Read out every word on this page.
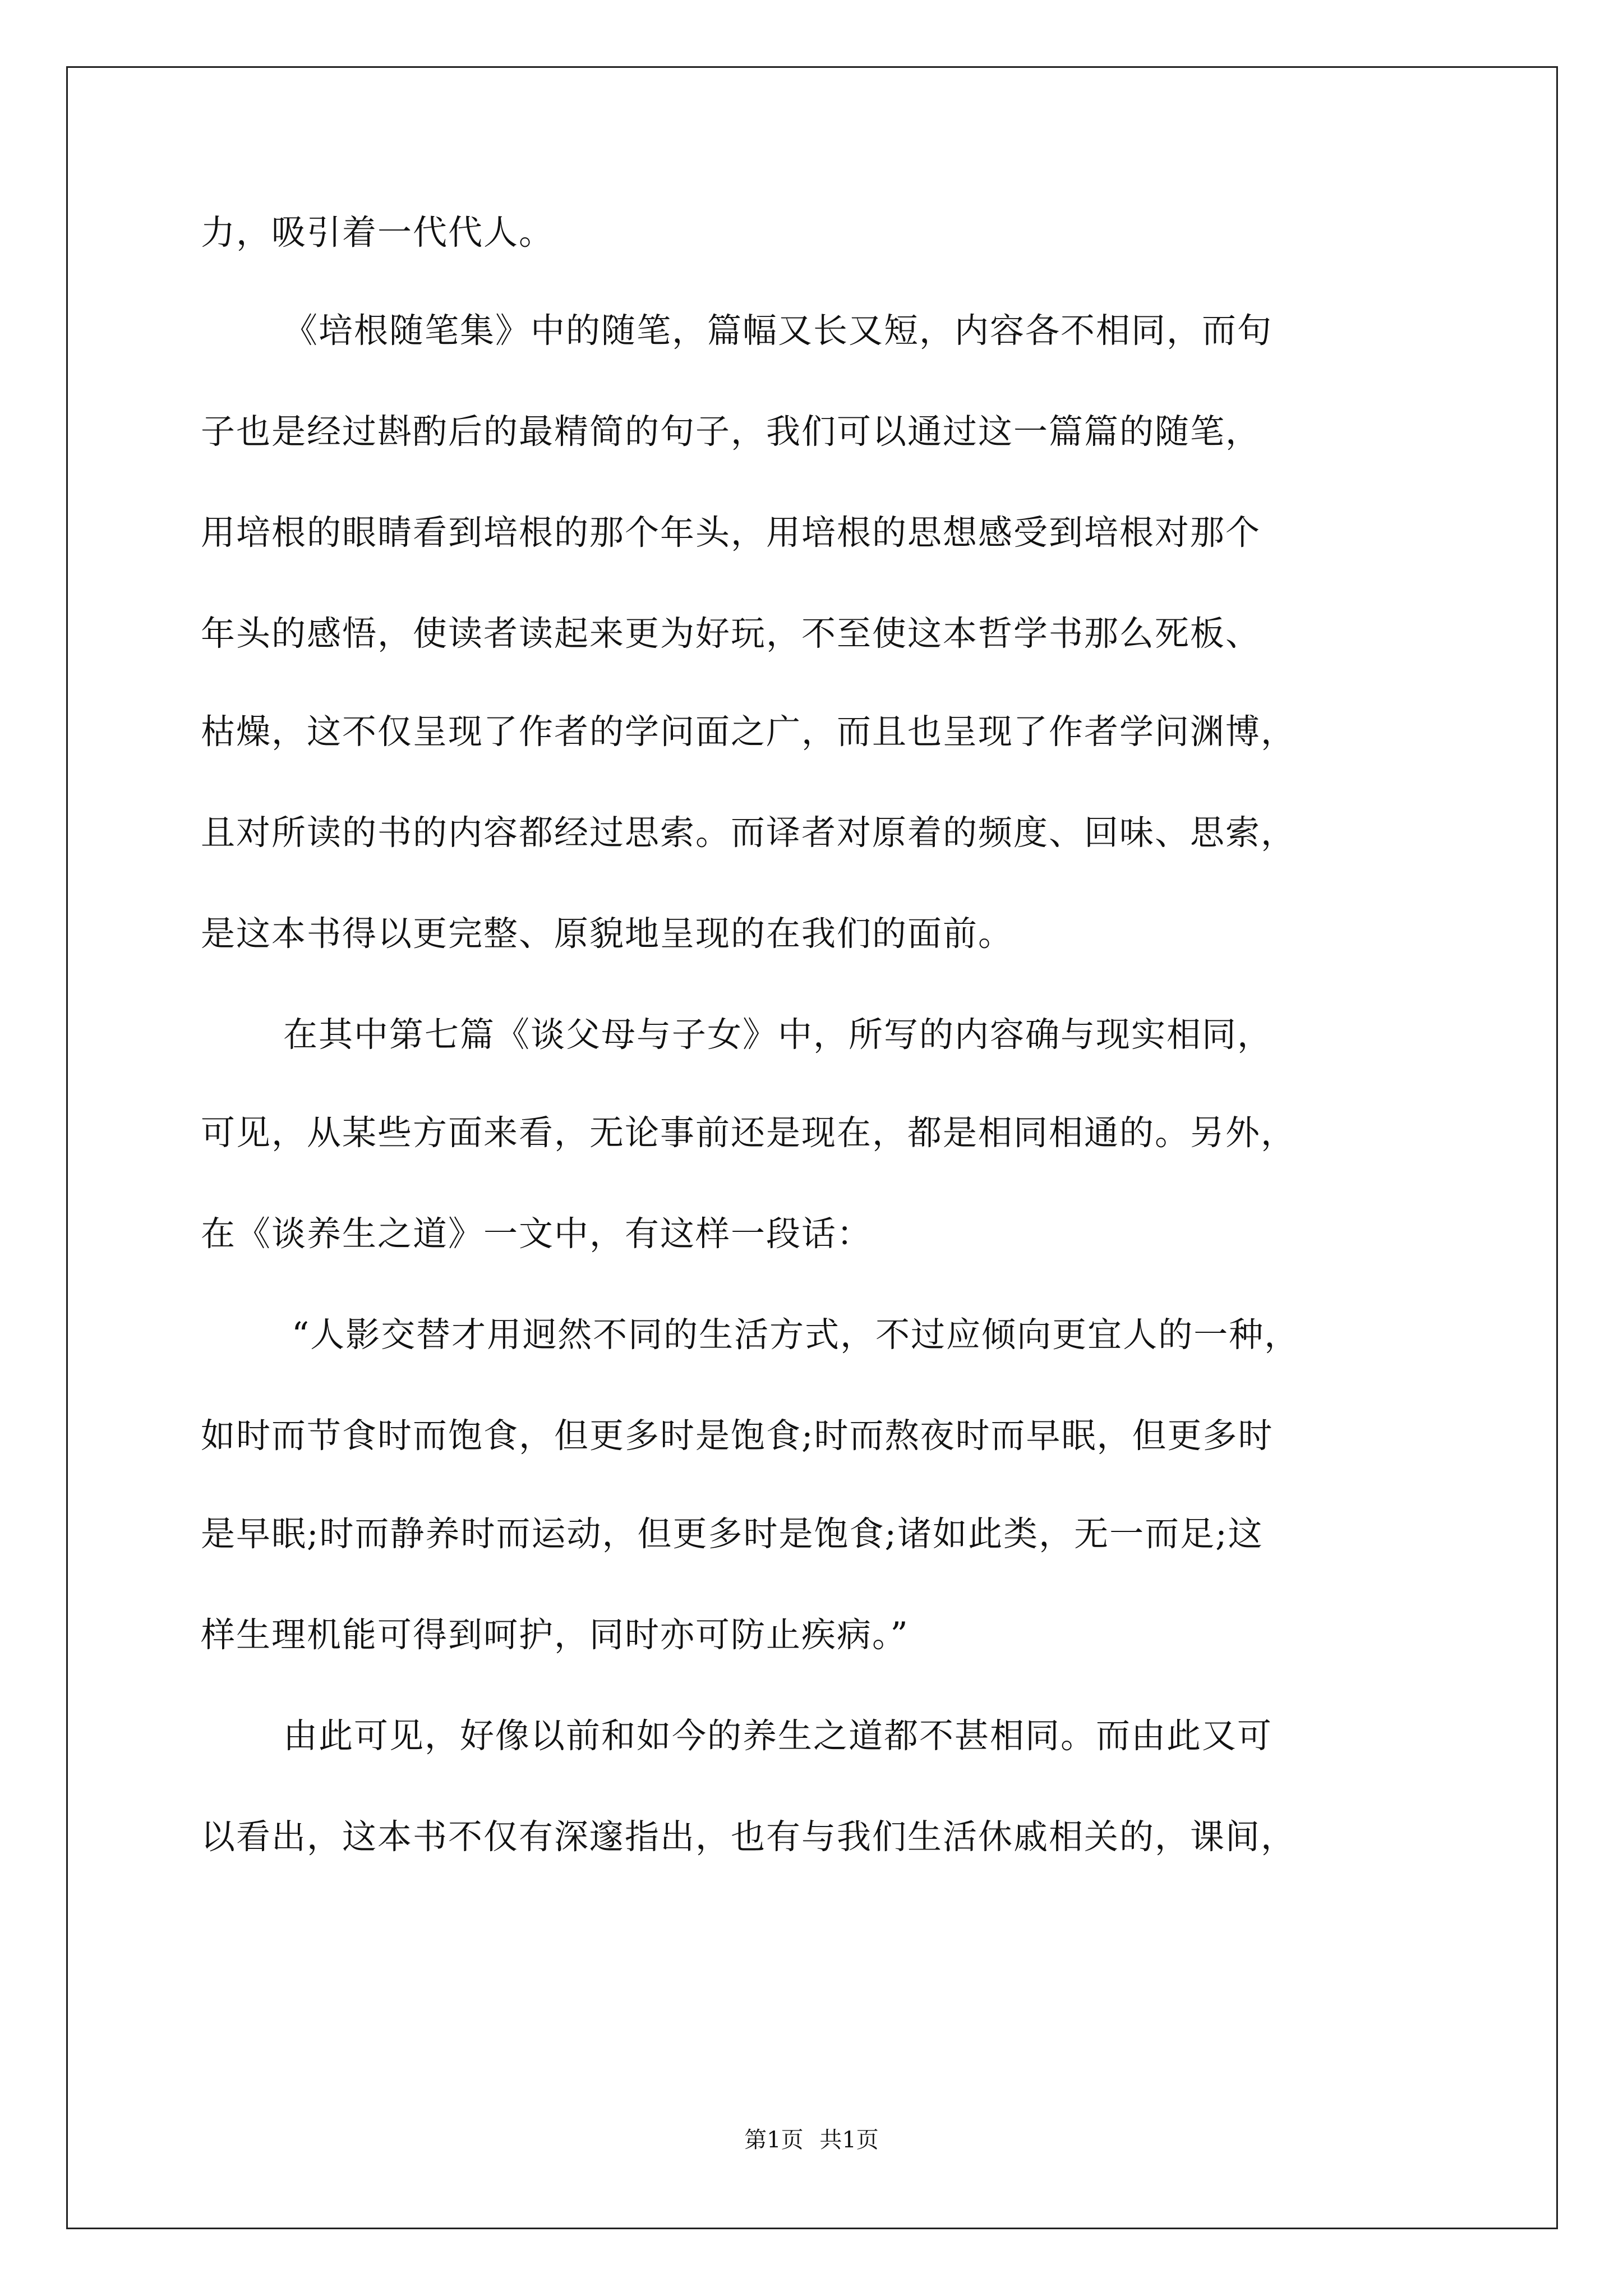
力，吸引着一代代人。
《培根随笔集》中的随笔，篇幅又长又短，内容各不相同，而句
子也是经过斟酌后的最精简的句子，我们可以通过这一篇篇的随笔，
用培根的眼睛看到培根的那个年头，用培根的思想感受到培根对那个
年头的感悟，使读者读起来更为好玩，不至使这本哲学书那么死板、
枯燥，这不仅呈现了作者的学问面之广，而且也呈现了作者学问渊博，
且对所读的书的内容都经过思索。而译者对原着的频度、回味、思索，
是这本书得以更完整、原貌地呈现的在我们的面前。
在其中第七篇《谈父母与子女》中，所写的内容确与现实相同，
可见，从某些方面来看，无论事前还是现在，都是相同相通的。另外，
在《谈养生之道》一文中，有这样一段话：
“人影交替才用迥然不同的生活方式，不过应倾向更宜人的一种，
如时而节食时而饱食，但更多时是饱食;时而熬夜时而早眠，但更多时
是早眠;时而静养时而运动，但更多时是饱食;诸如此类，无一而足;这
样生理机能可得到呵护，同时亦可防止疾病。”
由此可见，好像以前和如今的养生之道都不甚相同。而由此又可
以看出，这本书不仅有深邃指出，也有与我们生活休戚相关的，课间，
第1页 共1页
